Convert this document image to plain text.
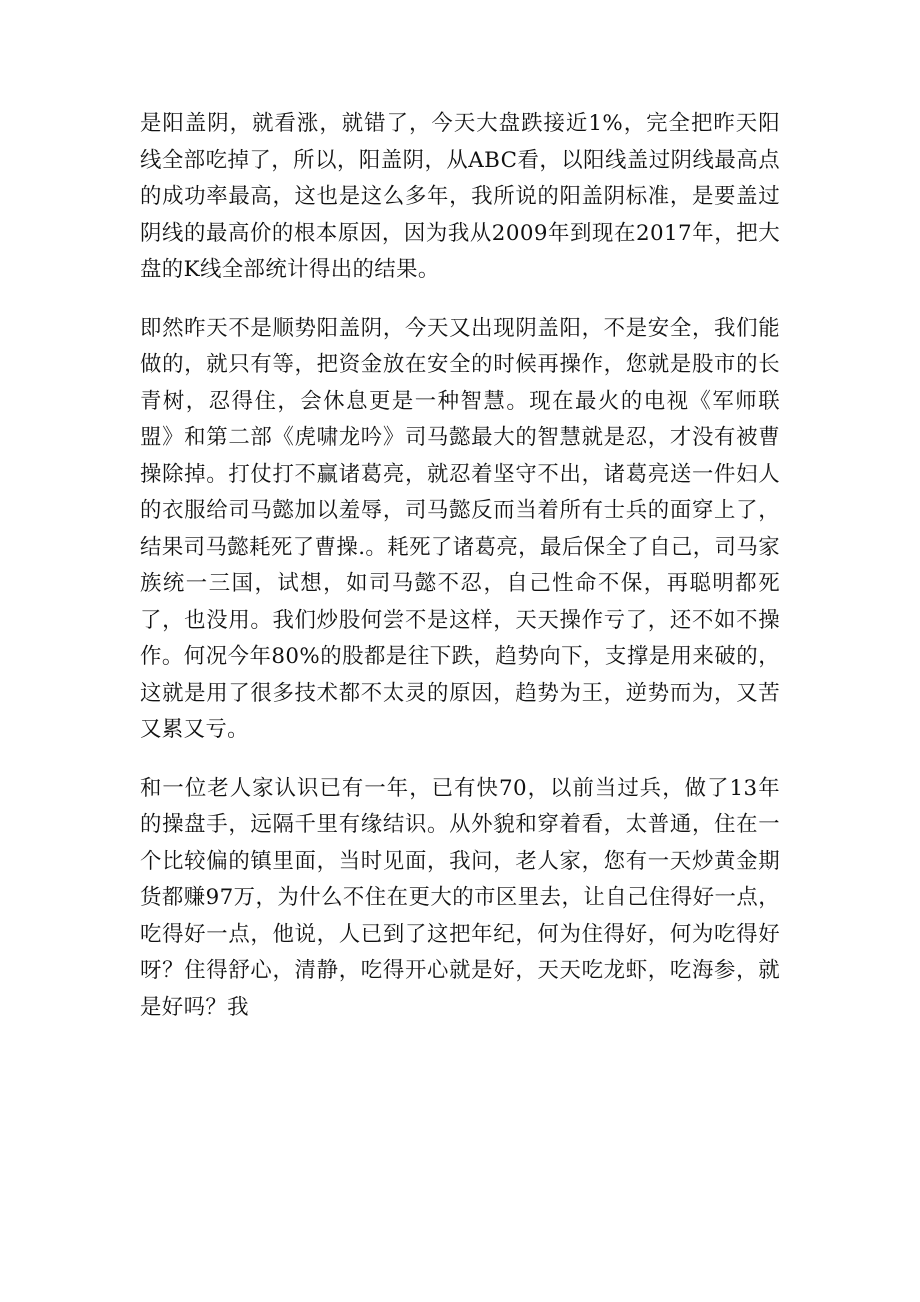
是阳盖阴，就看涨，就错了，今天大盘跌接近1%，完全把昨天阳线全部吃掉了，所以，阳盖阴，从ABC看，以阳线盖过阴线最高点的成功率最高，这也是这么多年，我所说的阳盖阴标准，是要盖过阴线的最高价的根本原因，因为我从2009年到现在2017年，把大盘的K线全部统计得出的结果。

即然昨天不是顺势阳盖阴，今天又出现阴盖阳，不是安全，我们能做的，就只有等，把资金放在安全的时候再操作，您就是股市的长青树，忍得住，会休息更是一种智慧。现在最火的电视《军师联盟》和第二部《虎啸龙吟》司马懿最大的智慧就是忍，才没有被曹操除掉。打仗打不赢诸葛亮，就忍着坚守不出，诸葛亮送一件妇人的衣服给司马懿加以羞辱，司马懿反而当着所有士兵的面穿上了，结果司马懿耗死了曹操.。耗死了诸葛亮，最后保全了自己，司马家族统一三国，试想，如司马懿不忍，自己性命不保，再聪明都死了，也没用。我们炒股何尝不是这样，天天操作亏了，还不如不操作。何况今年80%的股都是往下跌，趋势向下，支撑是用来破的，这就是用了很多技术都不太灵的原因，趋势为王，逆势而为，又苦又累又亏。

和一位老人家认识已有一年，已有快70，以前当过兵，做了13年的操盘手，远隔千里有缘结识。从外貌和穿着看，太普通，住在一个比较偏的镇里面，当时见面，我问，老人家，您有一天炒黄金期货都赚97万，为什么不住在更大的市区里去，让自己住得好一点，吃得好一点，他说，人已到了这把年纪，何为住得好，何为吃得好呀？住得舒心，清静，吃得开心就是好，天天吃龙虾，吃海参，就是好吗？我
